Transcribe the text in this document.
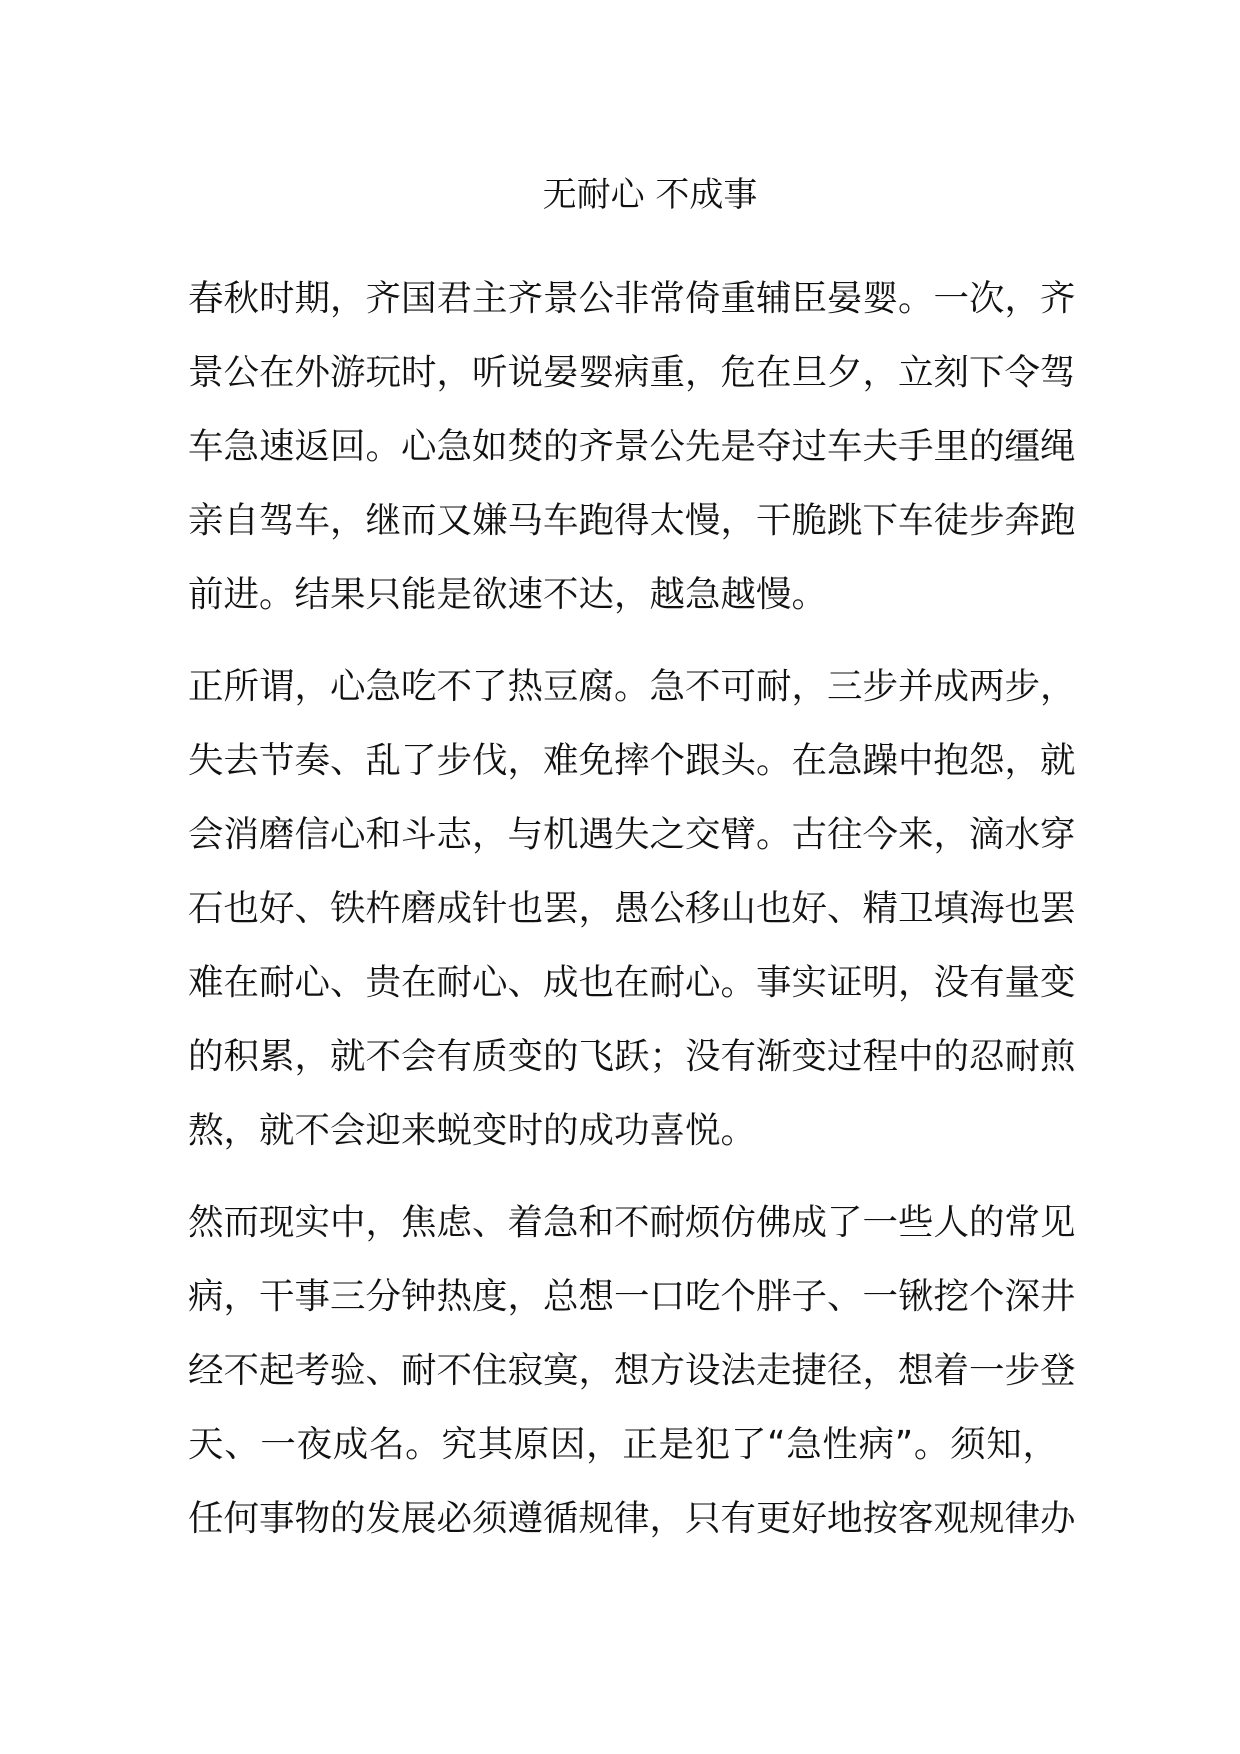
无耐心 不成事
春秋时期，齐国君主齐景公非常倚重辅臣晏婴。一次，齐
景公在外游玩时，听说晏婴病重，危在旦夕，立刻下令驾
车急速返回。心急如焚的齐景公先是夺过车夫手里的缰绳
亲自驾车，继而又嫌马车跑得太慢，干脆跳下车徒步奔跑
前进。结果只能是欲速不达，越急越慢。
正所谓，心急吃不了热豆腐。急不可耐，三步并成两步，
失去节奏、乱了步伐，难免摔个跟头。在急躁中抱怨，就
会消磨信心和斗志，与机遇失之交臂。古往今来，滴水穿
石也好、铁杵磨成针也罢，愚公移山也好、精卫填海也罢
难在耐心、贵在耐心、成也在耐心。事实证明，没有量变
的积累，就不会有质变的飞跃；没有渐变过程中的忍耐煎
熬，就不会迎来蜕变时的成功喜悦。
然而现实中，焦虑、着急和不耐烦仿佛成了一些人的常见
病，干事三分钟热度，总想一口吃个胖子、一锹挖个深井
经不起考验、耐不住寂寞，想方设法走捷径，想着一步登
天、一夜成名。究其原因，正是犯了“急性病”。须知，
任何事物的发展必须遵循规律，只有更好地按客观规律办
